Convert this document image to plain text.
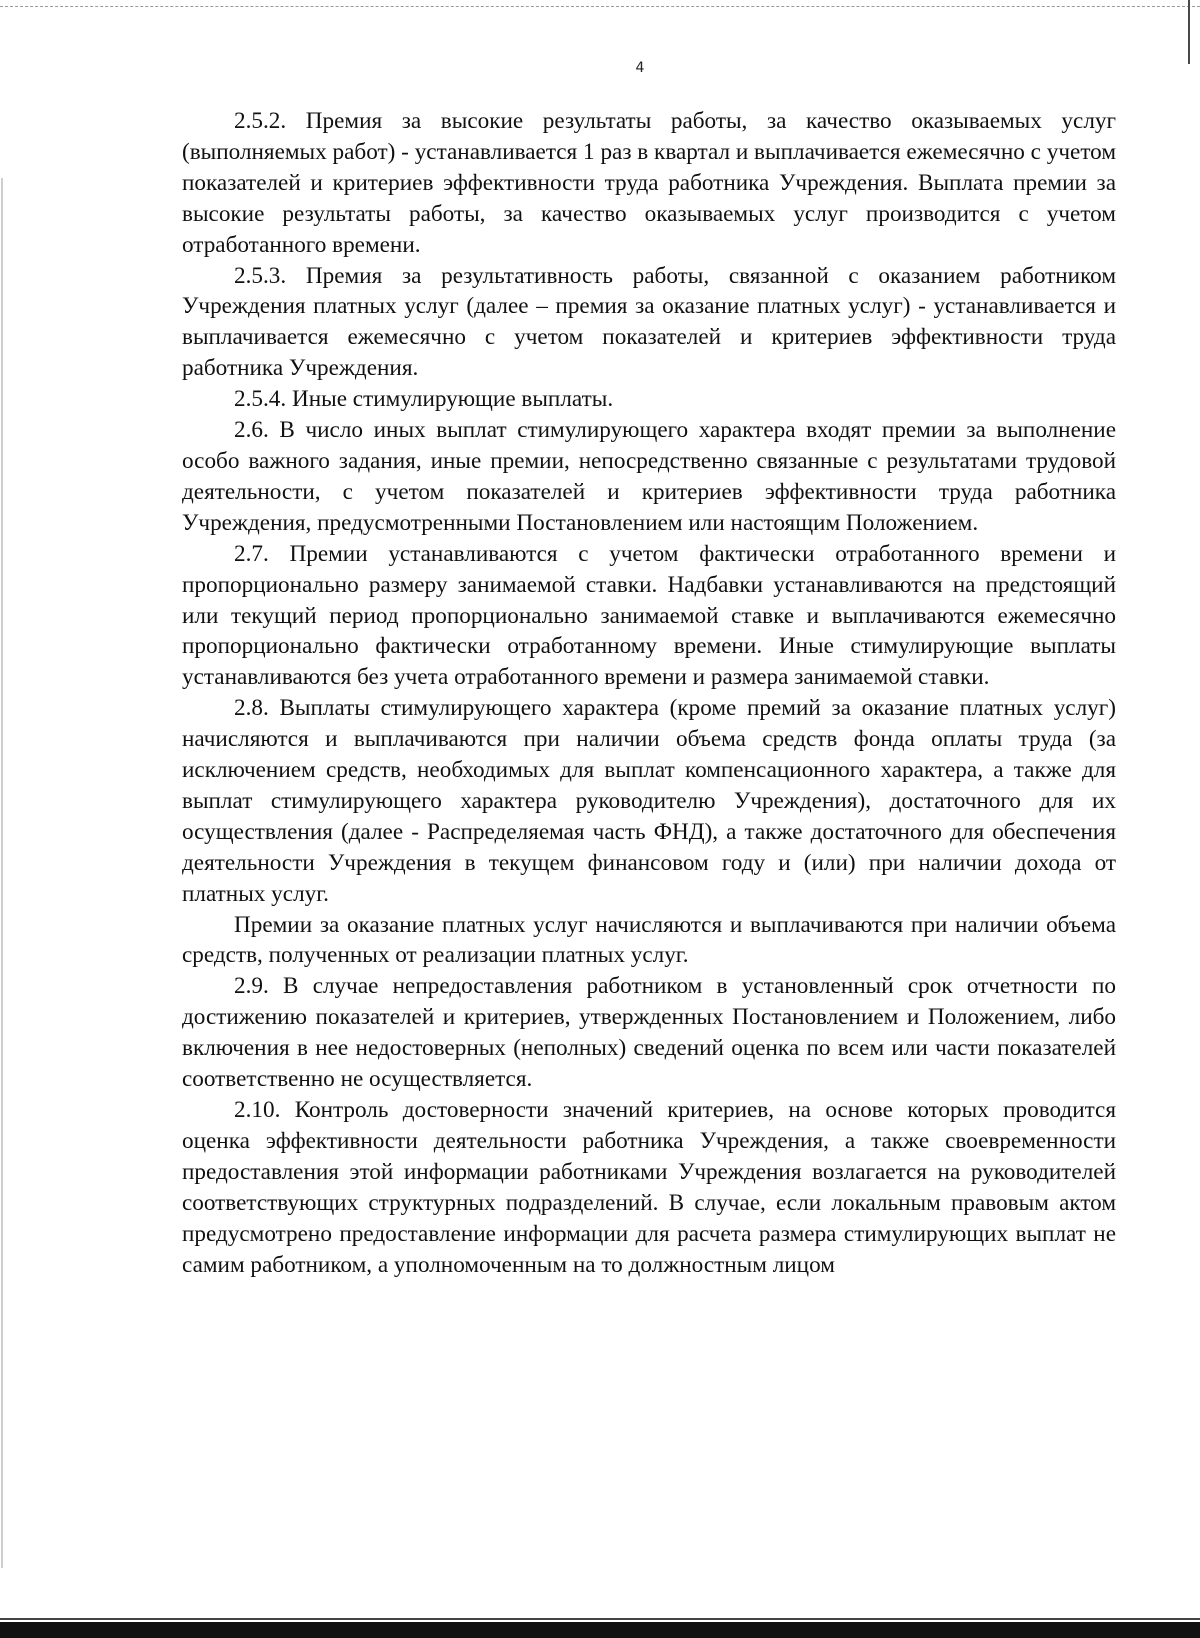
4

2.5.2. Премия за высокие результаты работы, за качество оказываемых услуг (выполняемых работ) - устанавливается 1 раз в квартал и выплачивается ежемесячно с учетом показателей и критериев эффективности труда работника Учреждения. Выплата премии за высокие результаты работы, за качество оказываемых услуг производится с учетом отработанного времени.

2.5.3. Премия за результативность работы, связанной с оказанием работником Учреждения платных услуг (далее – премия за оказание платных услуг) - устанавливается и выплачивается ежемесячно с учетом показателей и критериев эффективности труда работника Учреждения.

2.5.4. Иные стимулирующие выплаты.

2.6. В число иных выплат стимулирующего характера входят премии за выполнение особо важного задания, иные премии, непосредственно связанные с результатами трудовой деятельности, с учетом показателей и критериев эффективности труда работника Учреждения, предусмотренными Постановлением или настоящим Положением.

2.7. Премии устанавливаются с учетом фактически отработанного времени и пропорционально размеру занимаемой ставки. Надбавки устанавливаются на предстоящий или текущий период пропорционально занимаемой ставке и выплачиваются ежемесячно пропорционально фактически отработанному времени. Иные стимулирующие выплаты устанавливаются без учета отработанного времени и размера занимаемой ставки.

2.8. Выплаты стимулирующего характера (кроме премий за оказание платных услуг) начисляются и выплачиваются при наличии объема средств фонда оплаты труда (за исключением средств, необходимых для выплат компенсационного характера, а также для выплат стимулирующего характера руководителю Учреждения), достаточного для их осуществления (далее - Распределяемая часть ФНД), а также достаточного для обеспечения деятельности Учреждения в текущем финансовом году и (или) при наличии дохода от платных услуг.

Премии за оказание платных услуг начисляются и выплачиваются при наличии объема средств, полученных от реализации платных услуг.

2.9. В случае непредоставления работником в установленный срок отчетности по достижению показателей и критериев, утвержденных Постановлением и Положением, либо включения в нее недостоверных (неполных) сведений оценка по всем или части показателей соответственно не осуществляется.

2.10. Контроль достоверности значений критериев, на основе которых проводится оценка эффективности деятельности работника Учреждения, а также своевременности предоставления этой информации работниками Учреждения возлагается на руководителей соответствующих структурных подразделений. В случае, если локальным правовым актом предусмотрено предоставление информации для расчета размера стимулирующих выплат не самим работником, а уполномоченным на то должностным лицом
